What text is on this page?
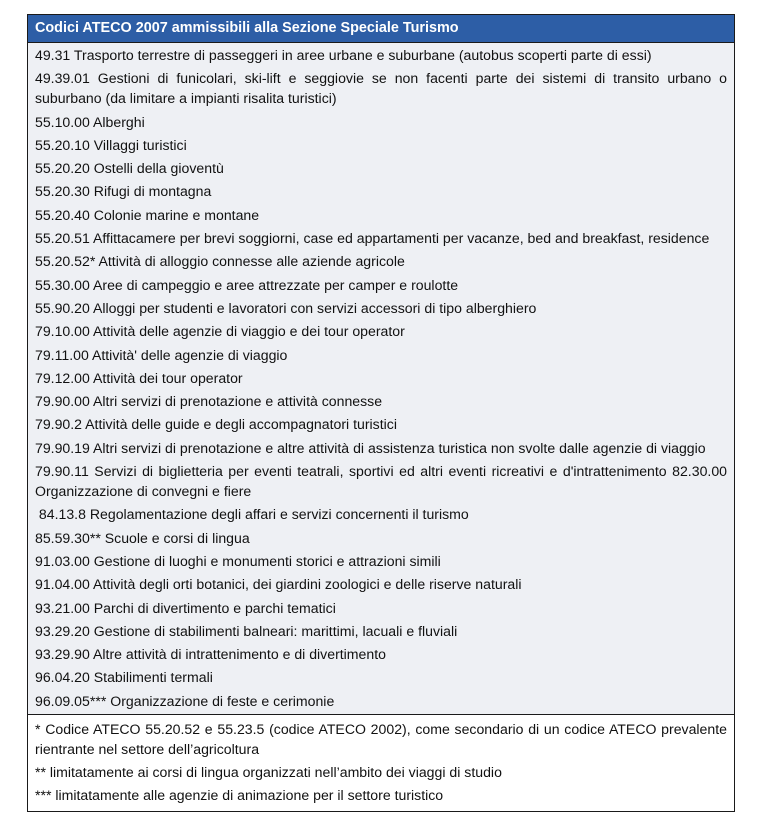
Codici ATECO 2007 ammissibili alla Sezione Speciale Turismo
49.31 Trasporto terrestre di passeggeri in aree urbane e suburbane (autobus scoperti parte di essi)
49.39.01 Gestioni di funicolari, ski-lift e seggiovie se non facenti parte dei sistemi di transito urbano o suburbano (da limitare a impianti risalita turistici)
55.10.00 Alberghi
55.20.10 Villaggi turistici
55.20.20 Ostelli della gioventù
55.20.30 Rifugi di montagna
55.20.40 Colonie marine e montane
55.20.51 Affittacamere per brevi soggiorni, case ed appartamenti per vacanze, bed and breakfast, residence
55.20.52* Attività di alloggio connesse alle aziende agricole
55.30.00 Aree di campeggio e aree attrezzate per camper e roulotte
55.90.20 Alloggi per studenti e lavoratori con servizi accessori di tipo alberghiero
79.10.00 Attività delle agenzie di viaggio e dei tour operator
79.11.00 Attività' delle agenzie di viaggio
79.12.00 Attività dei tour operator
79.90.00 Altri servizi di prenotazione e attività connesse
79.90.2 Attività delle guide e degli accompagnatori turistici
79.90.19 Altri servizi di prenotazione e altre attività di assistenza turistica non svolte dalle agenzie di viaggio
79.90.11 Servizi di biglietteria per eventi teatrali, sportivi ed altri eventi ricreativi e d'intrattenimento 82.30.00 Organizzazione di convegni e fiere
84.13.8 Regolamentazione degli affari e servizi concernenti il turismo
85.59.30** Scuole e corsi di lingua
91.03.00 Gestione di luoghi e monumenti storici e attrazioni simili
91.04.00 Attività degli orti botanici, dei giardini zoologici e delle riserve naturali
93.21.00 Parchi di divertimento e parchi tematici
93.29.20 Gestione di stabilimenti balneari: marittimi, lacuali e fluviali
93.29.90 Altre attività di intrattenimento e di divertimento
96.04.20 Stabilimenti termali
96.09.05*** Organizzazione di feste e cerimonie
* Codice ATECO 55.20.52 e 55.23.5 (codice ATECO 2002), come secondario di un codice ATECO prevalente rientrante nel settore dell’agricoltura
** limitatamente ai corsi di lingua organizzati nell’ambito dei viaggi di studio
*** limitatamente alle agenzie di animazione per il settore turistico
